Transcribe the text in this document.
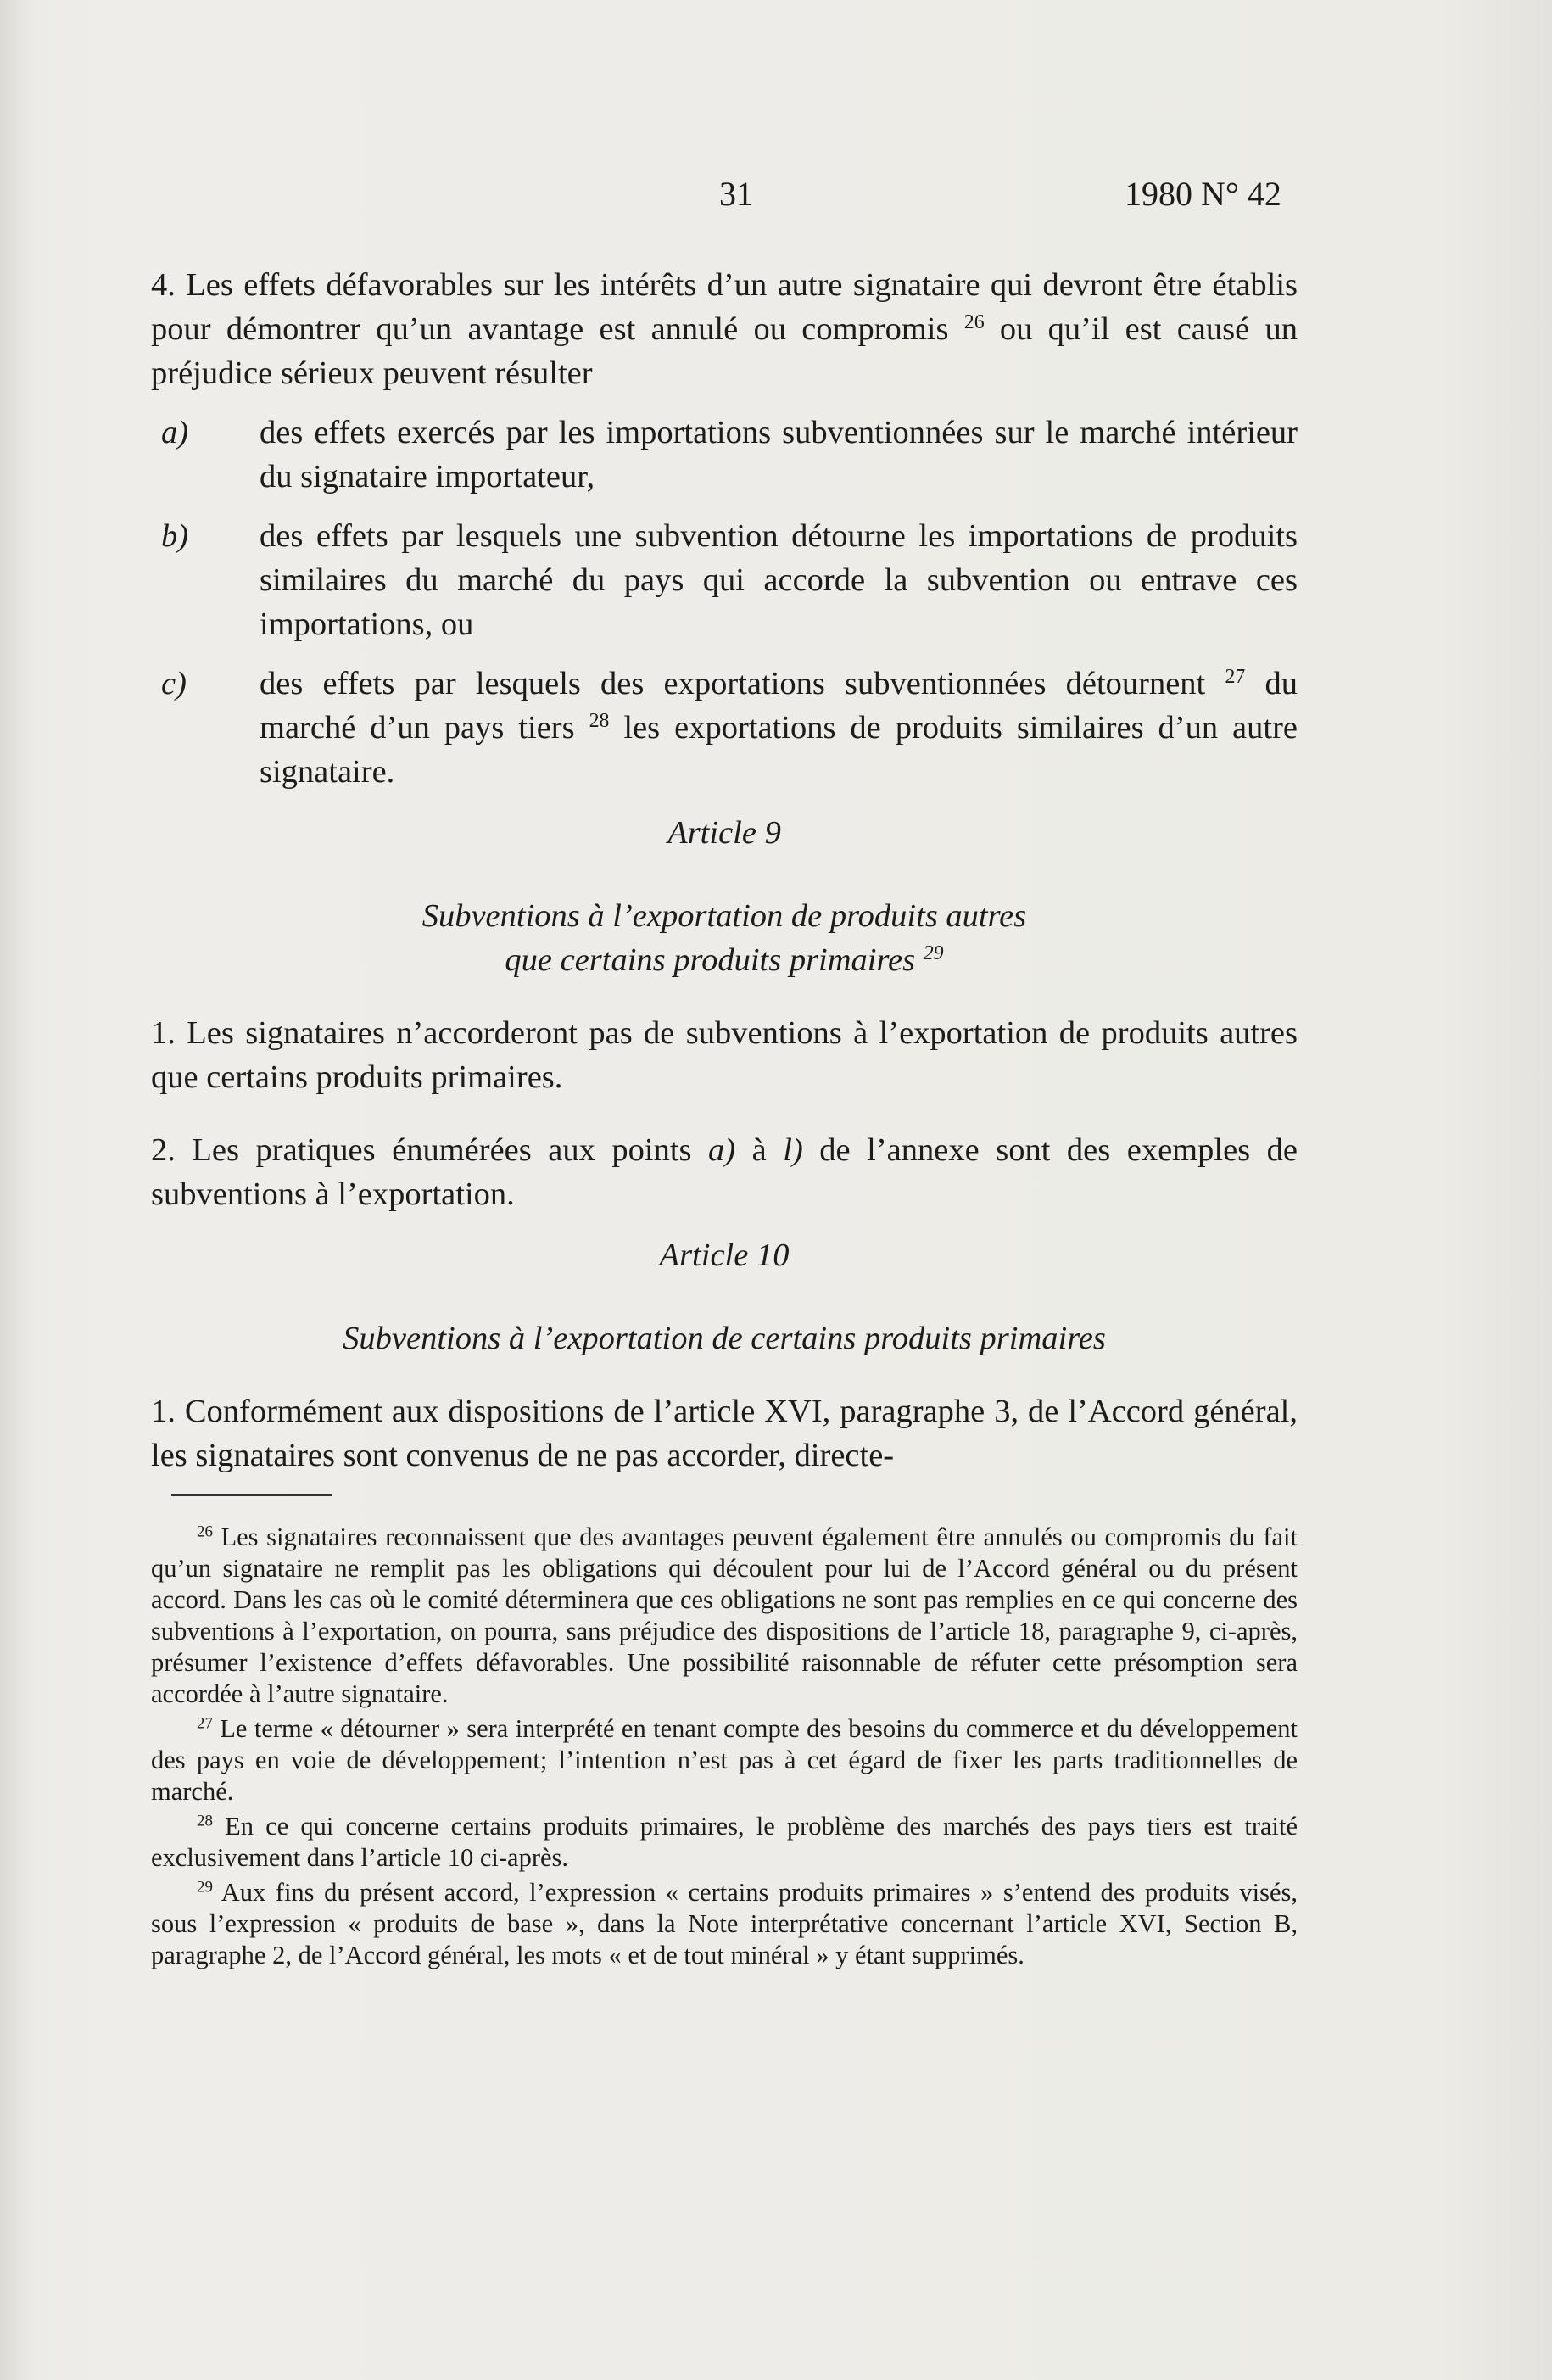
31	1980 N° 42

4. Les effets défavorables sur les intérêts d’un autre signataire qui devront être établis pour démontrer qu’un avantage est annulé ou compromis $^{26}$ ou qu’il est causé un préjudice sérieux peuvent résulter

a) des effets exercés par les importations subventionnées sur le marché intérieur du signataire importateur,
b) des effets par lesquels une subvention détourne les importations de produits similaires du marché du pays qui accorde la subvention ou entrave ces importations, ou
c) des effets par lesquels des exportations subventionnées détournent $^{27}$ du marché d’un pays tiers $^{28}$ les exportations de produits similaires d’un autre signataire.
Article 9
Subventions à l’exportation de produits autres
que certains produits primaires $^{29}$

1. Les signataires n’accorderont pas de subventions à l’exportation de produits autres que certains produits primaires.

2. Les pratiques énumérées aux points a) à l) de l’annexe sont des exemples de subventions à l’exportation.

Article 10
Subventions à l’exportation de certains produits primaires

1. Conformément aux dispositions de l’article XVI, paragraphe 3, de l’Accord général, les signataires sont convenus de ne pas accorder, directe-

$^{26}$ Les signataires reconnaissent que des avantages peuvent également être annulés ou compromis du fait qu’un signataire ne remplit pas les obligations qui découlent pour lui de l’Accord général ou du présent accord. Dans les cas où le comité déterminera que ces obligations ne sont pas remplies en ce qui concerne des subventions à l’exportation, on pourra, sans préjudice des dispositions de l’article 18, paragraphe 9, ci-après, présumer l’existence d’effets défavorables. Une possibilité raisonnable de réfuter cette présomption sera accordée à l’autre signataire.

$^{27}$ Le terme « détourner » sera interprété en tenant compte des besoins du commerce et du développement des pays en voie de développement; l’intention n’est pas à cet égard de fixer les parts traditionnelles de marché.

$^{28}$ En ce qui concerne certains produits primaires, le problème des marchés des pays tiers est traité exclusivement dans l’article 10 ci-après.

$^{29}$ Aux fins du présent accord, l’expression « certains produits primaires » s’entend des produits visés, sous l’expression « produits de base », dans la Note interprétative concernant l’article XVI, Section B, paragraphe 2, de l’Accord général, les mots « et de tout minéral » y étant supprimés.
